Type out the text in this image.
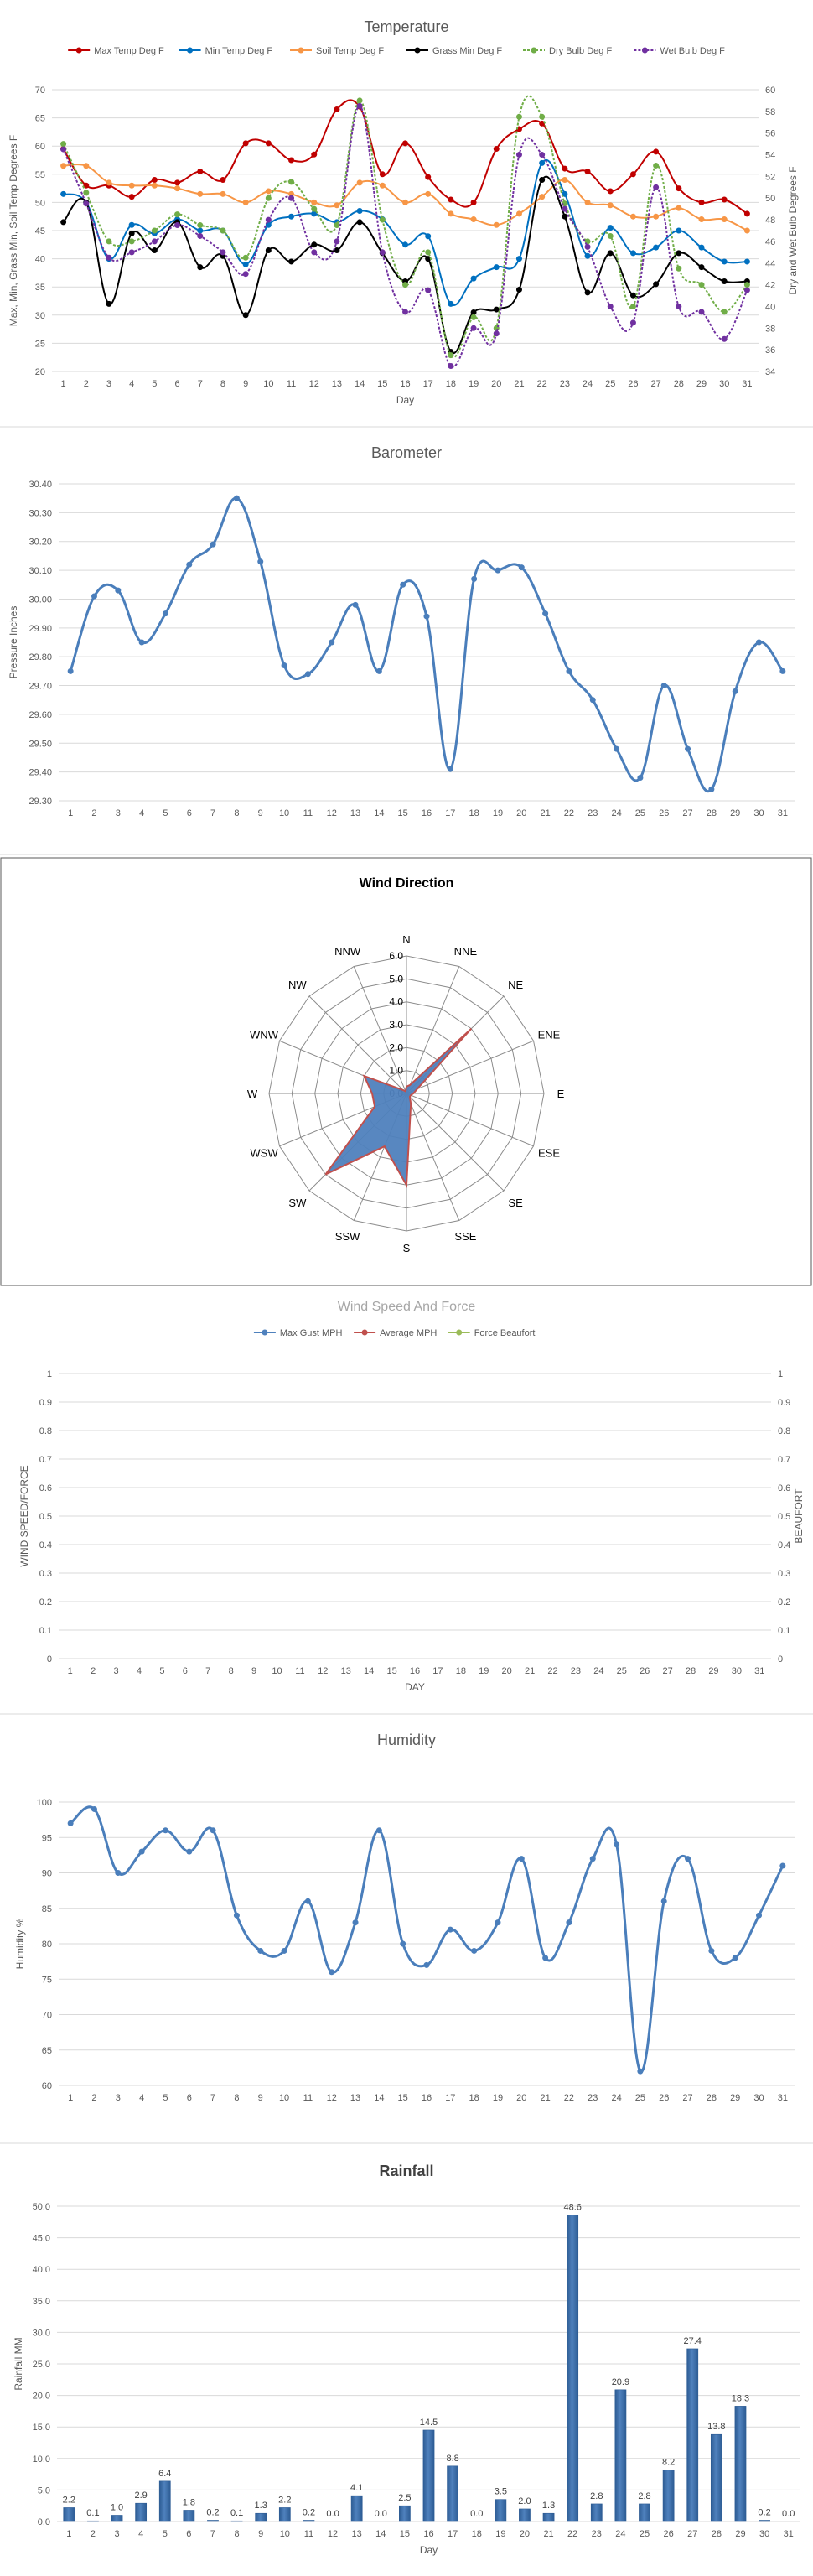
Temperature
20
25
30
35
40
45
50
55
60
65
70
34
36
38
40
42
44
46
48
50
52
54
56
58
60
1 2 3 4 5 6 7 8 9 10 11 12 13 14 15 16 17 18 19 20 21 22 23 24 25 26 27 28 29 30 31
Day
Max, Min, Grass Min, Soil Temp Degrees F	Dry and Wet Bulb Degrees F
Max Temp Deg F	Min Temp Deg F	Soil Temp Deg F	Grass Min Deg F	Dry Bulb Deg F	Wet Bulb Deg F
Barometer
29.30
29.40
29.50
29.60
29.70
29.80
29.90
30.00
30.10
30.20
30.30
30.40
1 2 3 4 5 6 7 8 9 10 11 12 13 14 15 16 17 18 19 20 21 22 23 24 25 26 27 28 29 30 31
Pressure Inches
Wind Direction
N
NNE
NE
ENE
E
ESE
SE
SSE
S
SSW
SW
WSW
W
WNW
NW
NNW
1.0
2.0
3.0
4.0
5.0
6.0
Wind Speed And Force
0
0.1
0.2
0.3
0.4
0.5
0.6
0.7
0.8
0.9
1
0
0.1
0.2
0.3
0.4
0.5
0.6
0.7
0.8
0.9
1
1 2 3 4 5 6 7 8 9 10 11 12 13 14 15 16 17 18 19 20 21 22 23 24 25 26 27 28 29 30 31
DAY
WIND SPEED/FORCE	BEAUFORT
Max Gust MPH	Average MPH	Force Beaufort
Humidity
60
65
70
75
80
85
90
95
100
1 2 3 4 5 6 7 8 9 10 11 12 13 14 15 16 17 18 19 20 21 22 23 24 25 26 27 28 29 30 31
Humidity %
Rainfall
0.0
5.0
10.0
15.0
20.0
25.0
30.0
35.0
40.0
45.0
50.0
1 2 3 4 5 6 7 8 9 10 11 12 13 14 15 16 17 18 19 20 21 22 23 24 25 26 27 28 29 30 31
Day
Rainfall MM
2.2
0.1
1.0
2.9
6.4
1.8
0.2 0.1
1.3
2.2
0.2 0.0
4.1
0.0
2.5
14.5
8.8
0.0
3.5
2.0 1.3
48.6
2.8
20.9
2.8
8.2
27.4
13.8
18.3
0.2 0.0
